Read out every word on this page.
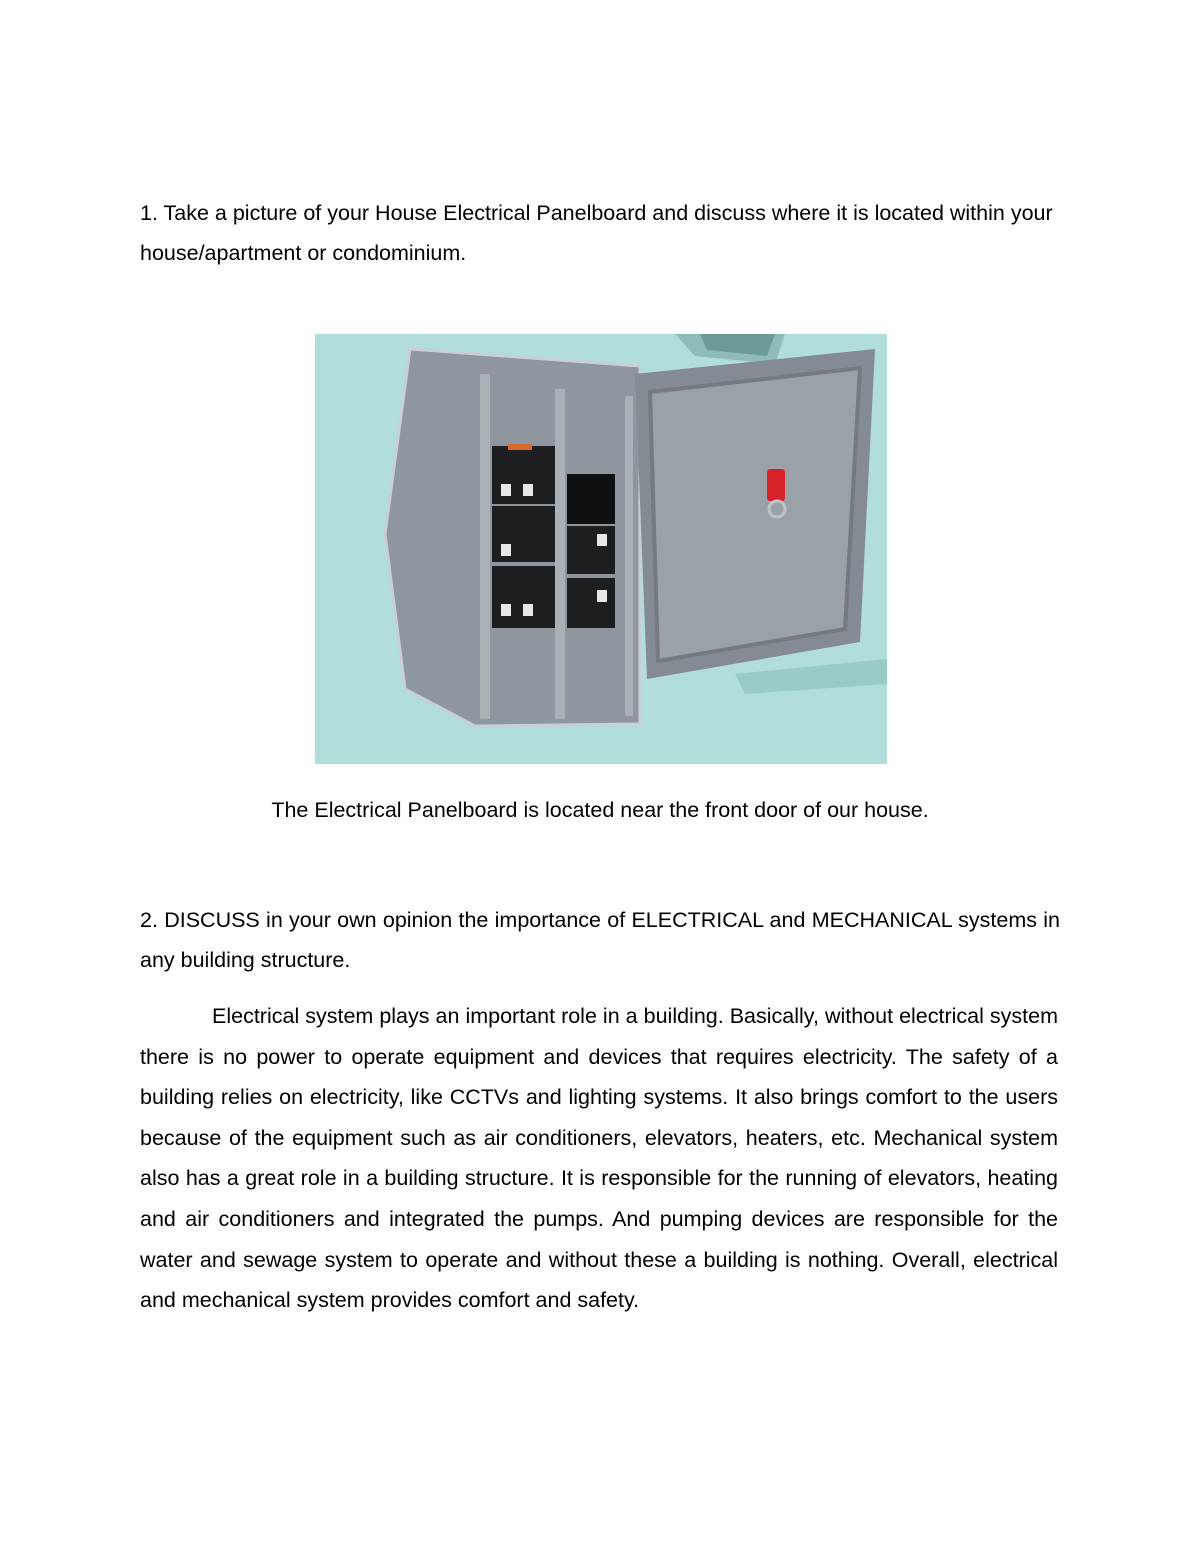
1. Take a picture of your House Electrical Panelboard and discuss where it is located within your house/apartment or condominium.

The Electrical Panelboard is located near the front door of our house.

2. DISCUSS in your own opinion the importance of ELECTRICAL and MECHANICAL systems in any building structure.

Electrical system plays an important role in a building. Basically, without electrical system there is no power to operate equipment and devices that requires electricity. The safety of a building relies on electricity, like CCTVs and lighting systems. It also brings comfort to the users because of the equipment such as air conditioners, elevators, heaters, etc. Mechanical system also has a great role in a building structure. It is responsible for the running of elevators, heating and air conditioners and integrated the pumps. And pumping devices are responsible for the water and sewage system to operate and without these a building is nothing. Overall, electrical and mechanical system provides comfort and safety.
